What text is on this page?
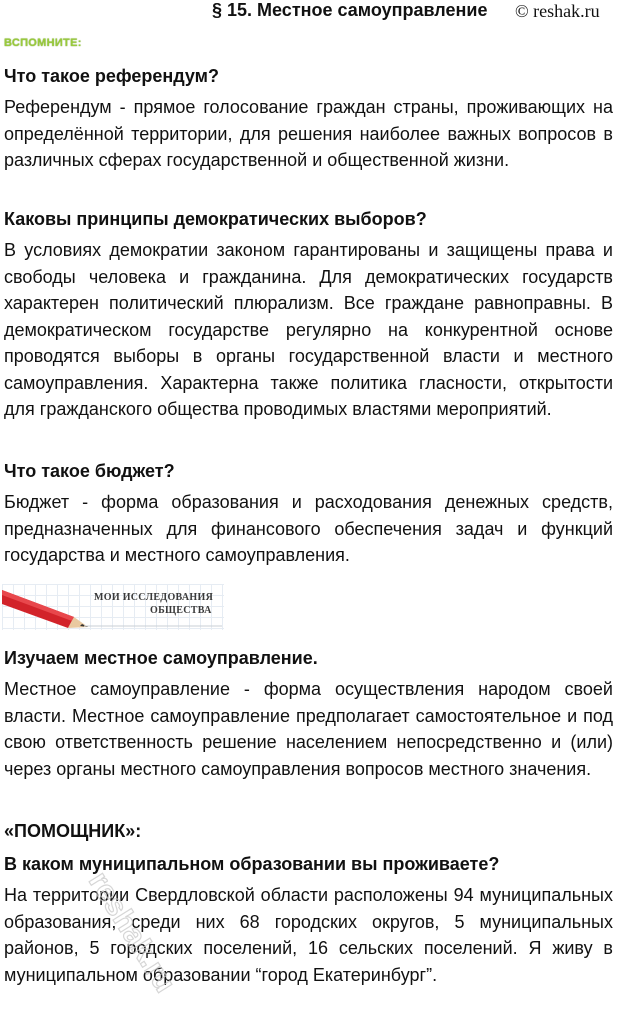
§ 15. Местное самоуправление © reshak.ru
ВСПОМНИТЕ:

Что такое референдум?

Референдум - прямое голосование граждан страны, проживающих на определённой территории, для решения наиболее важных вопросов в различных сферах государственной и общественной жизни.

Каковы принципы демократических выборов?

В условиях демократии законом гарантированы и защищены права и свободы человека и гражданина. Для демократических государств характерен политический плюрализм. Все граждане равноправны. В демократическом государстве регулярно на конкурентной основе проводятся выборы в органы государственной власти и местного самоуправления. Характерна также политика гласности, открытости для гражданского общества проводимых властями мероприятий.

Что такое бюджет?

Бюджет - форма образования и расходования денежных средств, предназначенных для финансового обеспечения задач и функций государства и местного самоуправления.

МОИ ИССЛЕДОВАНИЯ
ОБЩЕСТВА

Изучаем местное самоуправление.

Местное самоуправление - форма осуществления народом своей власти. Местное самоуправление предполагает самостоятельное и под свою ответственность решение населением непосредственно и (или) через органы местного самоуправления вопросов местного значения.

«ПОМОЩНИК»:

В каком муниципальном образовании вы проживаете?

На территории Свердловской области расположены 94 муниципальных образования, среди них 68 городских округов, 5 муниципальных районов, 5 городских поселений, 16 сельских поселений. Я живу в муниципальном образовании “город Екатеринбург”.

reshak.ru
